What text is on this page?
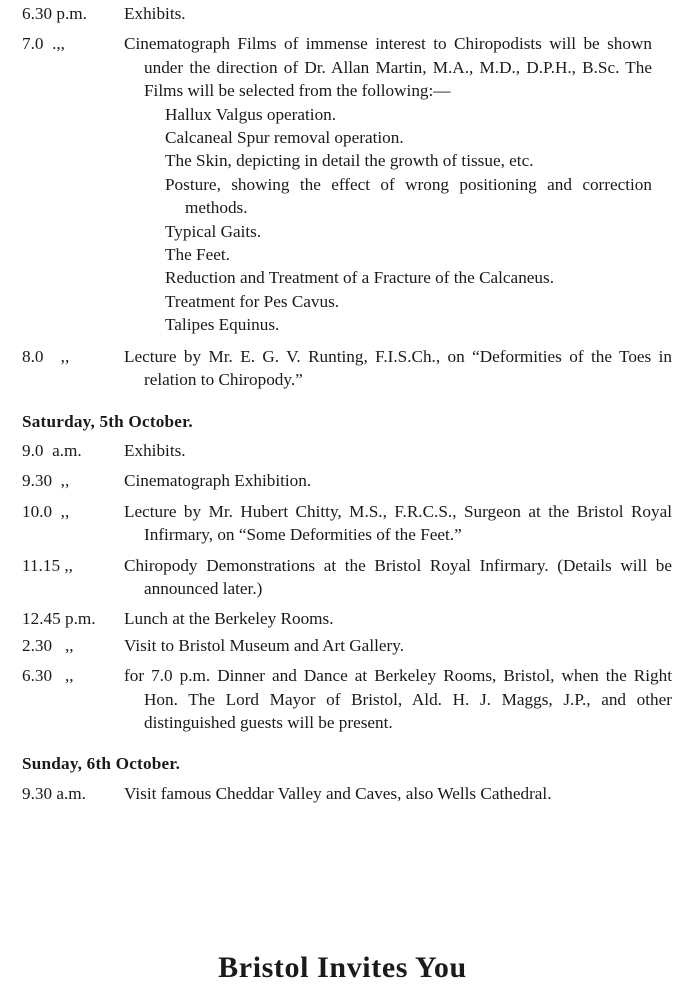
6.30 p.m.	Exhibits.
7.0  .,,	Cinematograph Films of immense interest to Chiropodists will be shown under the direction of Dr. Allan Martin, M.A., M.D., D.P.H., B.Sc. The Films will be selected from the following:—
Hallux Valgus operation.
Calcaneal Spur removal operation.
The Skin, depicting in detail the growth of tissue, etc.
Posture, showing the effect of wrong positioning and correction methods.
Typical Gaits.
The Feet.
Reduction and Treatment of a Fracture of the Calcaneus.
Treatment for Pes Cavus.
Talipes Equinus.
8.0    ,,	Lecture by Mr. E. G. V. Runting, F.I.S.Ch., on “Deformities of the Toes in relation to Chiropody.”
Saturday, 5th October.
9.0  a.m.	Exhibits.
9.30  ,,	Cinematograph Exhibition.
10.0  ,,	Lecture by Mr. Hubert Chitty, M.S., F.R.C.S., Surgeon at the Bristol Royal Infirmary, on “Some Deformities of the Feet.”
11.15 ,,	Chiropody Demonstrations at the Bristol Royal Infirmary. (Details will be announced later.)
12.45 p.m.	Lunch at the Berkeley Rooms.
2.30   ,,	Visit to Bristol Museum and Art Gallery.
6.30   ,,	for 7.0 p.m. Dinner and Dance at Berkeley Rooms, Bristol, when the Right Hon. The Lord Mayor of Bristol, Ald. H. J. Maggs, J.P., and other distinguished guests will be present.
Sunday, 6th October.
9.30 a.m.	Visit famous Cheddar Valley and Caves, also Wells Cathedral.
Bristol Invites You
